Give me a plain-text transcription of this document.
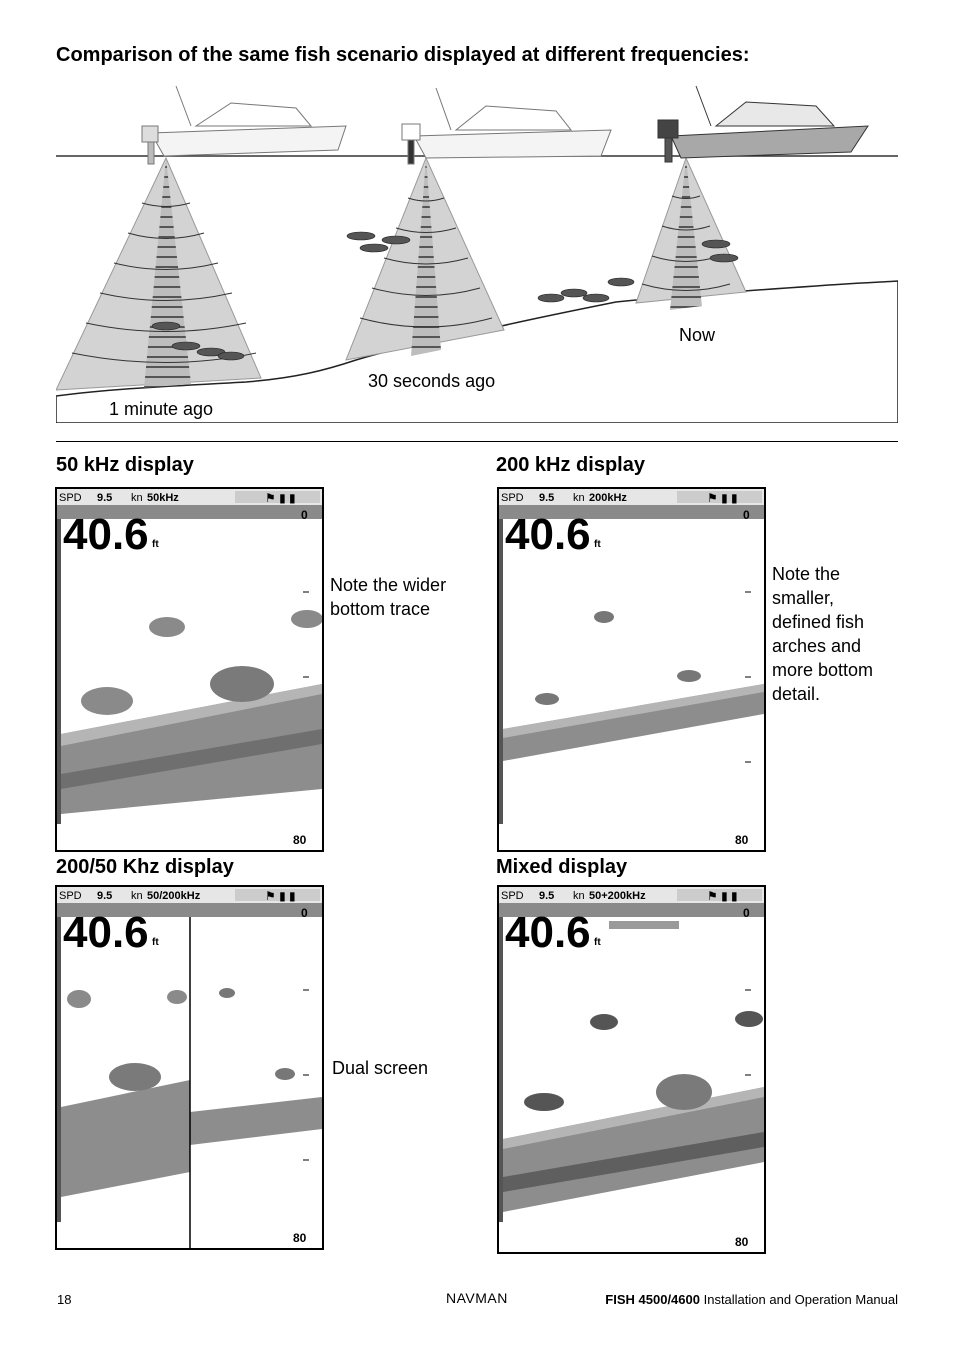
Comparison of the same fish scenario displayed at different frequencies:
1 minute ago
30 seconds ago
Now
50 kHz display	200 kHz display
200/50 Khz display	Mixed display
SPD 9.5 kn 50kHz	⚑ ▮ ▮
40.6 ft
0
80
Note the wider bottom trace
SPD 9.5 kn 200kHz	⚑ ▮ ▮
40.6 ft
0
80
Note the smaller, defined fish arches and more bottom detail.
SPD 9.5 kn 50/200kHz	⚑ ▮ ▮
40.6 ft
0
80
Dual screen
SPD 9.5 kn 50+200kHz	⚑ ▮ ▮
40.6 ft
0
80
18	NAVMAN	FISH 4500/4600 Installation and Operation Manual
